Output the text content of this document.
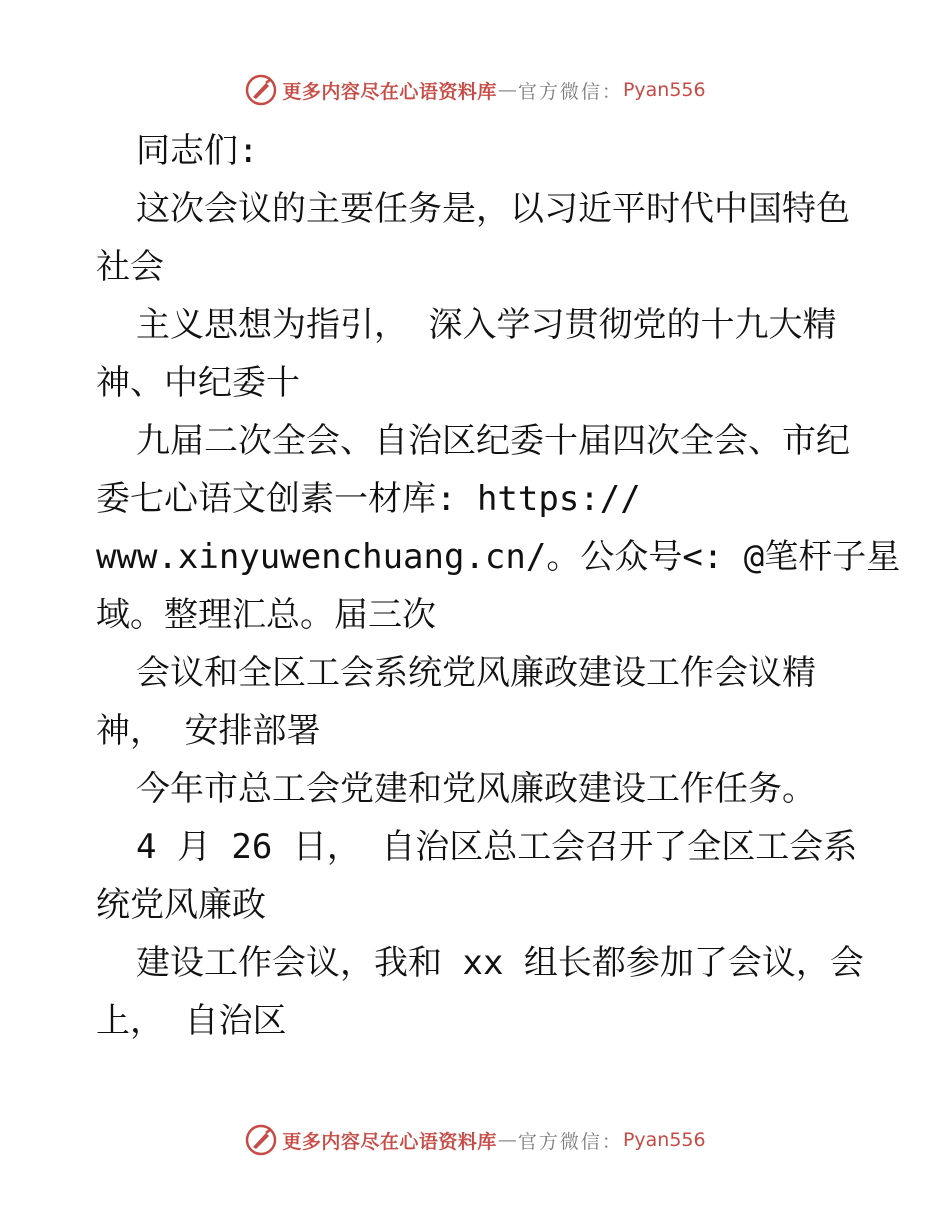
更多内容尽在心语资料库 — 官方微信： Pyan556
同志们:
这次会议的主要任务是，以习近平时代中国特色
社会
主义思想为指引， 深入学习贯彻党的十九大精
神、中纪委十
九届二次全会、自治区纪委十届四次全会、市纪
委七心语文创素一材库: https://
www.xinyuwenchuang.cn/。公众号<: @笔杆子星
域。整理汇总。届三次
会议和全区工会系统党风廉政建设工作会议精
神， 安排部署
今年市总工会党建和党风廉政建设工作任务。
4 月 26 日， 自治区总工会召开了全区工会系
统党风廉政
建设工作会议，我和 xx 组长都参加了会议，会
上， 自治区
更多内容尽在心语资料库 — 官方微信： Pyan556
